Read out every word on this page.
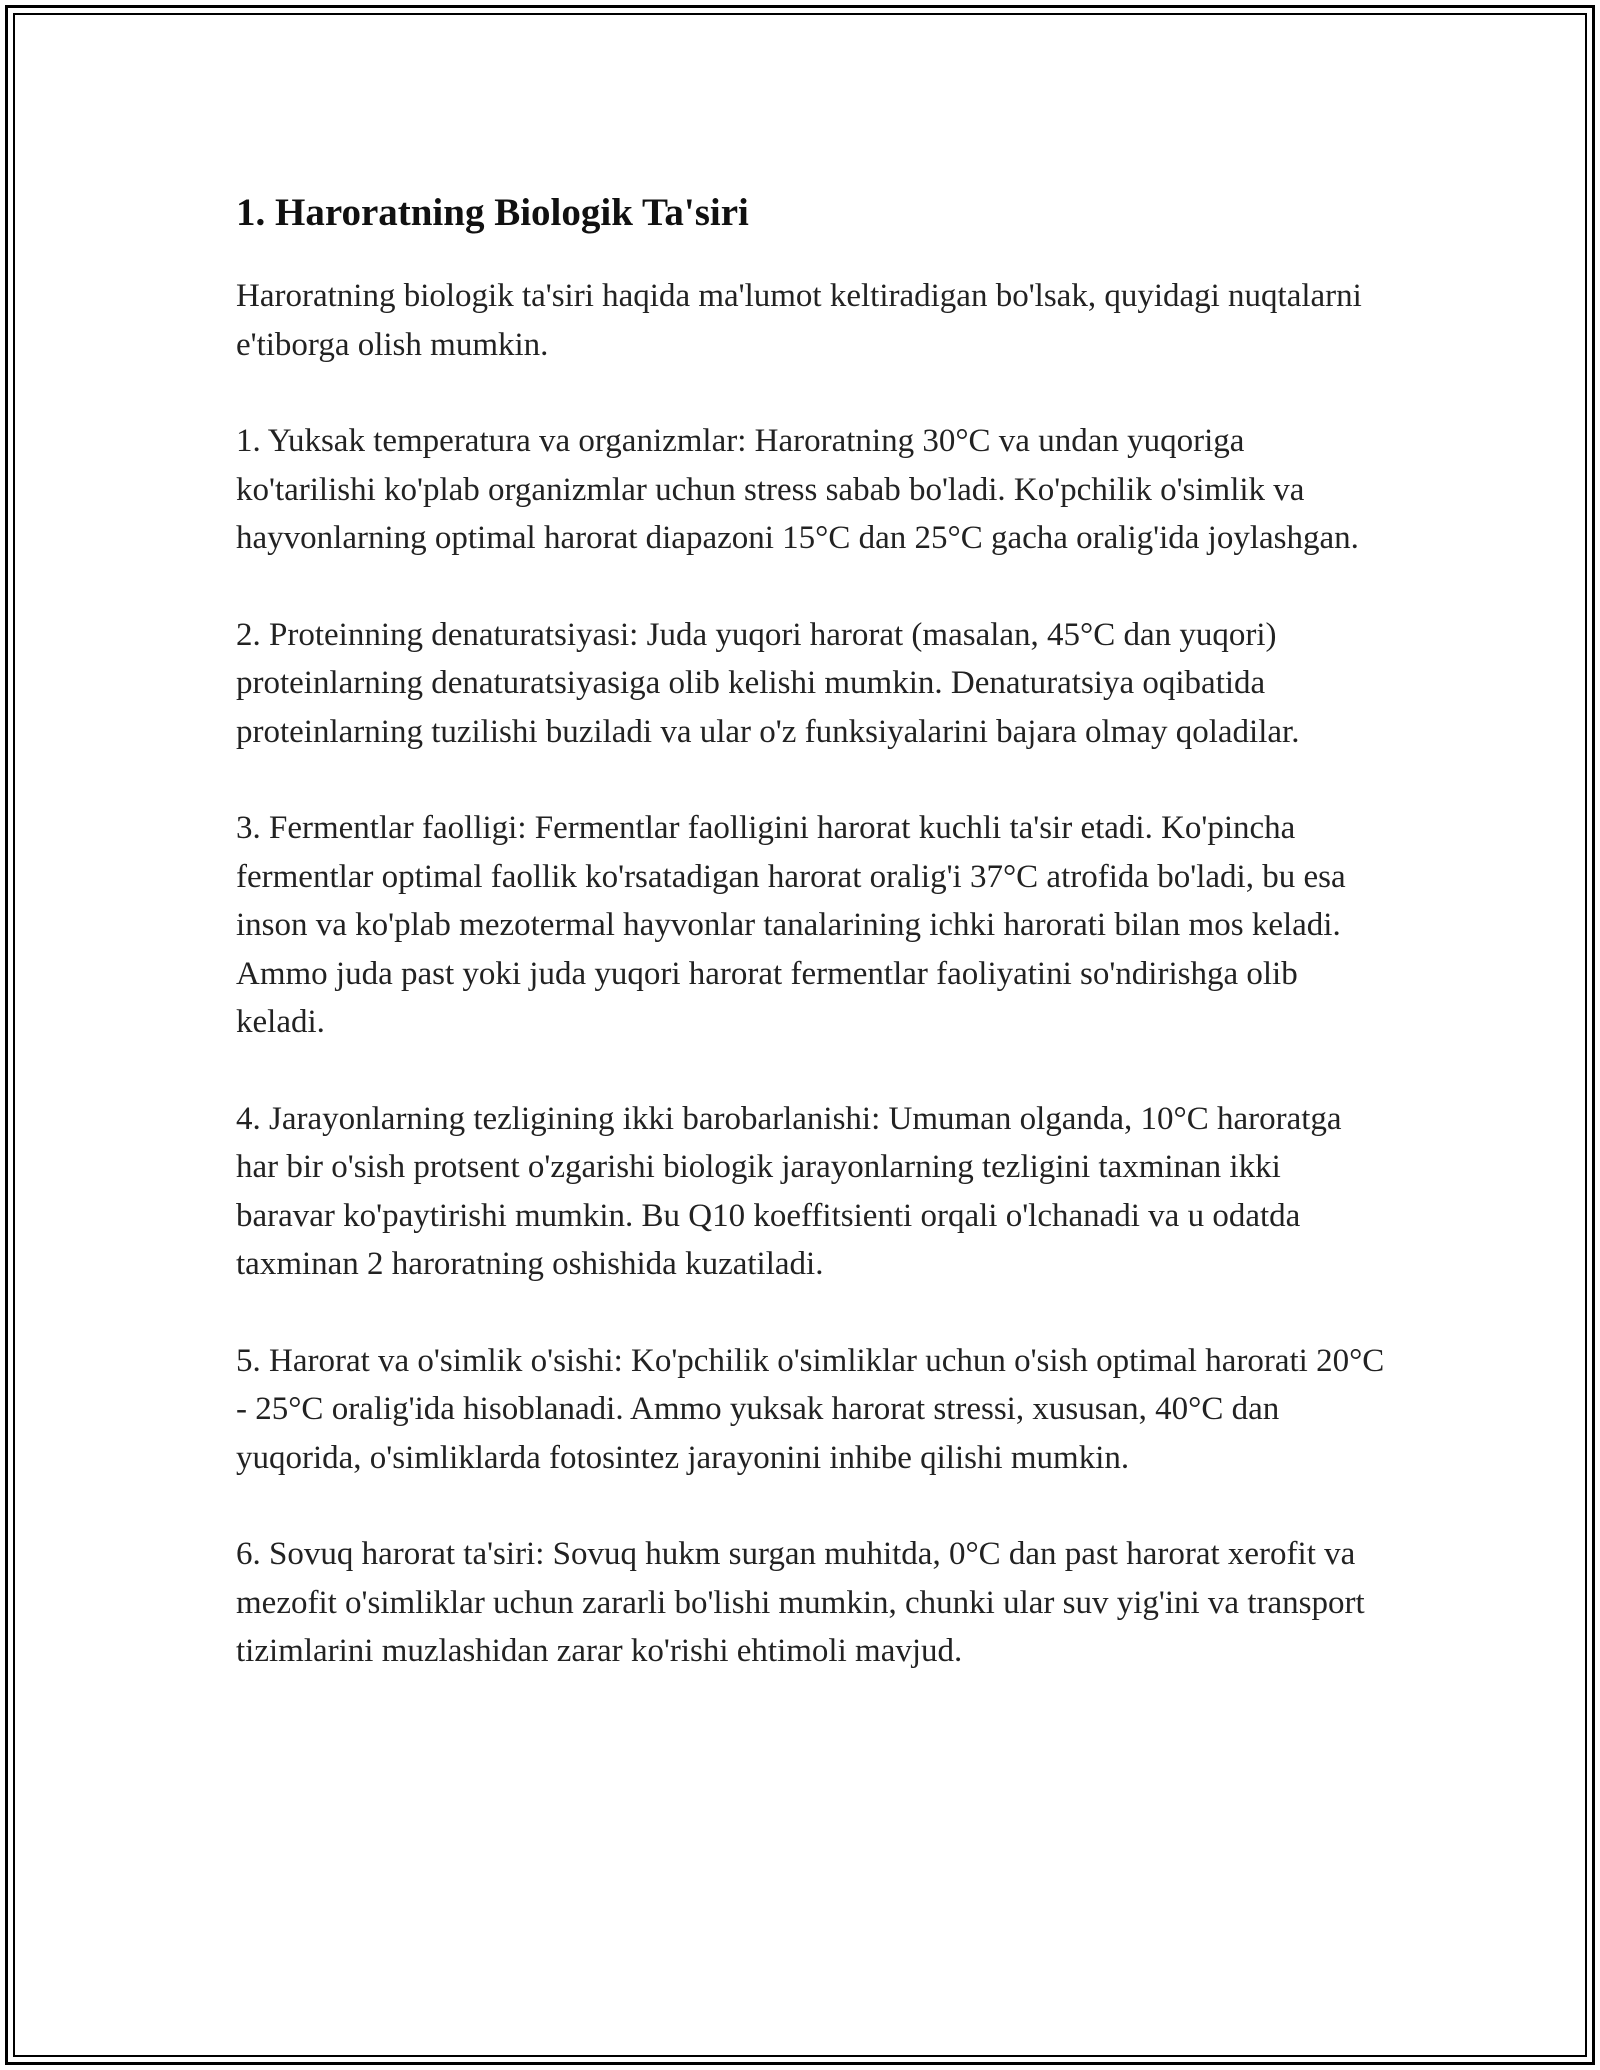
1. Haroratning Biologik Ta'siri

Haroratning biologik ta'siri haqida ma'lumot keltiradigan bo'lsak, quyidagi nuqtalarni e'tiborga olish mumkin.

1. Yuksak temperatura va organizmlar: Haroratning 30°C va undan yuqoriga ko'tarilishi ko'plab organizmlar uchun stress sabab bo'ladi. Ko'pchilik o'simlik va hayvonlarning optimal harorat diapazoni 15°C dan 25°C gacha oralig'ida joylashgan.

2. Proteinning denaturatsiyasi: Juda yuqori harorat (masalan, 45°C dan yuqori) proteinlarning denaturatsiyasiga olib kelishi mumkin. Denaturatsiya oqibatida proteinlarning tuzilishi buziladi va ular o'z funksiyalarini bajara olmay qoladilar.

3. Fermentlar faolligi: Fermentlar faolligini harorat kuchli ta'sir etadi. Ko'pincha fermentlar optimal faollik ko'rsatadigan harorat oralig'i 37°C atrofida bo'ladi, bu esa inson va ko'plab mezotermal hayvonlar tanalarining ichki harorati bilan mos keladi. Ammo juda past yoki juda yuqori harorat fermentlar faoliyatini so'ndirishga olib keladi.

4. Jarayonlarning tezligining ikki barobarlanishi: Umuman olganda, 10°C haroratga har bir o'sish protsent o'zgarishi biologik jarayonlarning tezligini taxminan ikki baravar ko'paytirishi mumkin. Bu Q10 koeffitsienti orqali o'lchanadi va u odatda taxminan 2 haroratning oshishida kuzatiladi.

5. Harorat va o'simlik o'sishi: Ko'pchilik o'simliklar uchun o'sish optimal harorati 20°C - 25°C oralig'ida hisoblanadi. Ammo yuksak harorat stressi, xususan, 40°C dan yuqorida, o'simliklarda fotosintez jarayonini inhibe qilishi mumkin.

6. Sovuq harorat ta'siri: Sovuq hukm surgan muhitda, 0°C dan past harorat xerofit va mezofit o'simliklar uchun zararli bo'lishi mumkin, chunki ular suv yig'ini va transport tizimlarini muzlashidan zarar ko'rishi ehtimoli mavjud.
